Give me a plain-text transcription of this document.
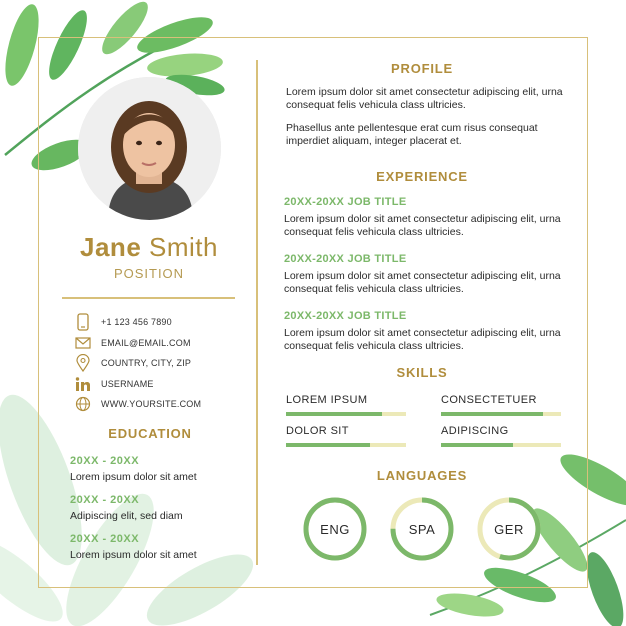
Jane Smith
POSITION
+1 123 456 7890
EMAIL@EMAIL.COM
COUNTRY, CITY, ZIP
USERNAME
WWW.YOURSITE.COM
EDUCATION
20XX - 20XX
Lorem ipsum dolor sit amet
20XX - 20XX
Adipiscing elit, sed diam
20XX - 20XX
Lorem ipsum dolor sit amet
PROFILE

Lorem ipsum dolor sit amet consectetur adipiscing elit, urna consequat felis vehicula class ultricies.

Phasellus ante pellentesque erat cum risus consequat imperdiet aliquam, integer placerat et.

EXPERIENCE
20XX-20XX JOB TITLE
Lorem ipsum dolor sit amet consectetur adipiscing elit, urna consequat felis vehicula class ultricies.
20XX-20XX JOB TITLE
Lorem ipsum dolor sit amet consectetur adipiscing elit, urna consequat felis vehicula class ultricies.
20XX-20XX JOB TITLE
Lorem ipsum dolor sit amet consectetur adipiscing elit, urna consequat felis vehicula class ultricies.
SKILLS
LOREM IPSUM	CONSECTETUER
DOLOR SIT	ADIPISCING
LANGUAGES
ENG	SPA	GER
